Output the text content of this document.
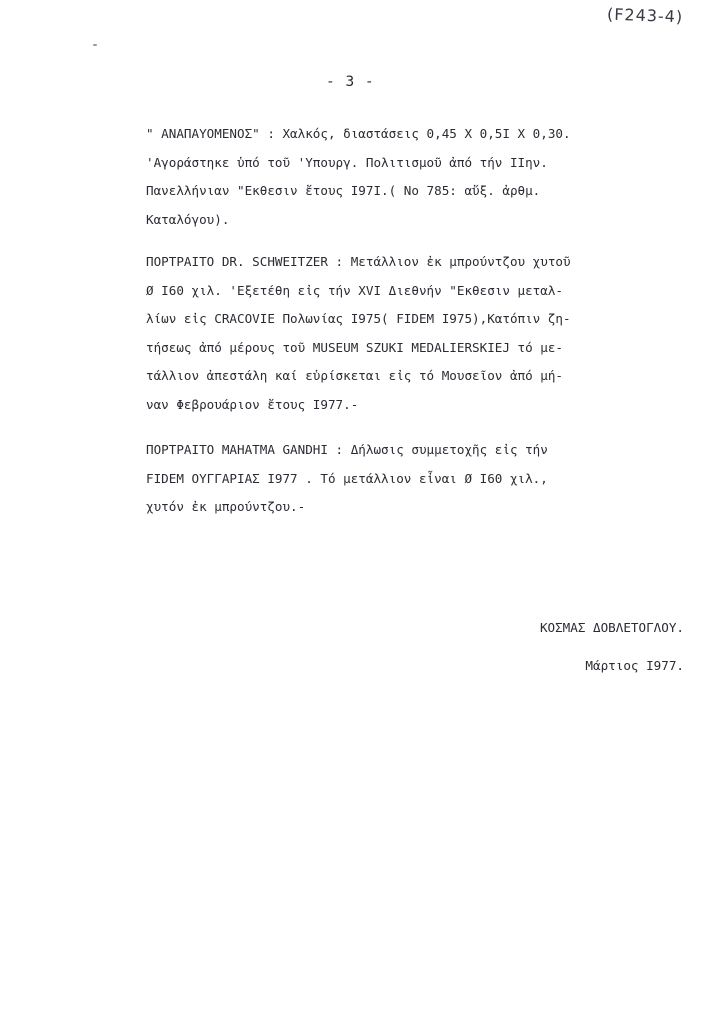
(F243-4)
- 3 -
" ΑΝΑΠΑΥΟΜΕΝΟΣ" : Χαλκός, διαστάσεις 0,45 X 0,5I X 0,30.
'Αγοράστηκε ὑπό τοῦ 'Υπουργ. Πολιτισμοῦ ἀπό τήν IIην.
Πανελλήνιαν "Εκθεσιν ἔτους I97I.( Νο 785: αὔξ. ἀρθμ.
Καταλόγου).
ΠΟΡΤΡΑΙΤΟ DR. SCHWEITZER : Μετάλλιον ἐκ μπρούντζου χυτοῦ
Ø I60 χιλ. 'Εξετέθη εἰς τήν XVI Διεθνήν "Εκθεσιν μεταλ-
λίων εἰς CRACOVIE Πολωνίας I975( FIDEM I975),Κατόπιν ζη-
τήσεως ἀπό μέρους τοῦ MUSEUM SZUKI MEDALIERSKIEJ τό με-
τάλλιον ἀπεστάλη καί εὑρίσκεται εἰς τό Μουσεῖον ἀπό μή-
ναν Φεβρουάριον ἔτους I977.-
ΠΟΡΤΡΑΙΤΟ ΜΑΗΑΤΜΑ GANDHI : Δήλωσις συμμετοχῆς εἰς τήν
FIDEM ΟΥΓΓΑΡΙΑΣ I977 . Τό μετάλλιον εἶναι Ø I60 χιλ.,
χυτόν ἐκ μπρούντζου.-
ΚΟΣΜΑΣ ΔΟΒΛΕΤΟΓΛΟΥ.
Μάρτιος I977.
